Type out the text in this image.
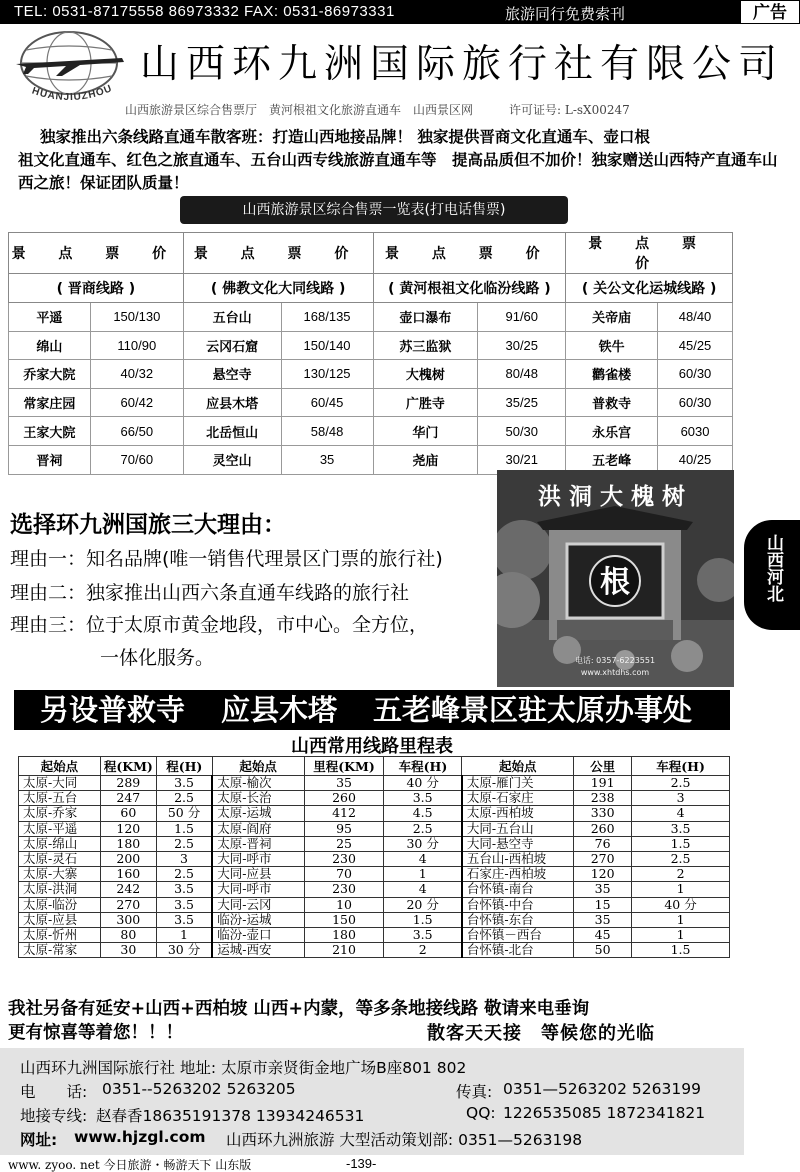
TEL: 0531-87175558 86973332 FAX: 0531-86973331	旅游同行免费索刊	广告
HUANJIUZHOU
山西环九洲国际旅行社有限公司
山西旅游景区综合售票厅　黄河根祖文化旅游直通车　山西景区网　　　许可证号: L-sX00247
独家推出六条线路直通车散客班：打造山西地接品牌！ 独家提供晋商文化直通车、壶口根
祖文化直通车、红色之旅直通车、五台山西专线旅游直通车等　提高品质但不加价！独家赠送山西特产直通车山西之旅！保证团队质量！
山西旅游景区综合售票一览表(打电话售票)
景 点 票 价		景 点 票 价		景 点 票 价		景 点 票 价	
( 晋商线路 )		( 佛教文化大同线路 )		( 黄河根祖文化临汾线路 )		( 关公文化运城线路 )	
平遥	150/130	五台山	168/135	壶口瀑布	91/60	关帝庙	48/40
绵山	110/90	云冈石窟	150/140	苏三监狱	30/25	铁牛	45/25
乔家大院	40/32	悬空寺	130/125	大槐树	80/48	鹳雀楼	60/30
常家庄园	60/42	应县木塔	60/45	广胜寺	35/25	普救寺	60/30
王家大院	66/50	北岳恒山	58/48	华门	50/30	永乐宫	6030
晋祠	70/60	灵空山	35	尧庙	30/21	五老峰	40/25
山西河北
选择环九洲国旅三大理由：
理由一：知名品牌(唯一销售代理景区门票的旅行社)
理由二：独家推出山西六条直通车线路的旅行社
理由三：位于太原市黄金地段，市中心。全方位，
一体化服务。
根
电话: 0357-6223551
www.xhtdhs.com
洪洞大槐树
另设普救寺 应县木塔 五老峰景区驻太原办事处
山西常用线路里程表
起始点	程(KM)	程(H)	起始点	里程(KM)	车程(H)	起始点	公里	车程(H)
太原-大同	289	3.5	太原-榆次	35	40 分	太原-雁门关	191	2.5
太原-五台	247	2.5	太原-长治	260	3.5	太原-石家庄	238	3
太原-乔家	60	50 分	太原-运城	412	4.5	太原-西柏坡	330	4
太原-平遥	120	1.5	太原-阎府	95	2.5	大同-五台山	260	3.5
太原-绵山	180	2.5	太原-晋祠	25	30 分	大同-悬空寺	76	1.5
太原-灵石	200	3	大同-呼市	230	4	五台山-西柏坡	270	2.5
太原-大寨	160	2.5	大同-应县	70	1	石家庄-西柏坡	120	2
太原-洪洞	242	3.5	大同-呼市	230	4	台怀镇-南台	35	1
太原-临汾	270	3.5	大同-云冈	10	20 分	台怀镇-中台	15	40 分
太原-应县	300	3.5	临汾-运城	150	1.5	台怀镇-东台	35	1
太原-忻州	80	1	临汾-壶口	180	3.5	台怀镇－西台	45	1
太原-常家	30	30 分	运城-西安	210	2	台怀镇-北台	50	1.5
我社另备有延安+山西+西柏坡 山西+内蒙，等多条地接线路 敬请来电垂询
更有惊喜等着您！！！	散客天天接　等候您的光临
山西环九洲国际旅行社 地址: 太原市亲贤街金地广场B座801 802
电　　话: 0351--5263202 5263205	传真: 0351—5263202 5263199
地接专线: 赵春香18635191378 13934246531	QQ: 1226535085 1872341821
网址: www.hjzgl.com 山西环九洲旅游 大型活动策划部: 0351—5263198
www. zyoo. net 今日旅游・畅游天下 山东版	-139-
